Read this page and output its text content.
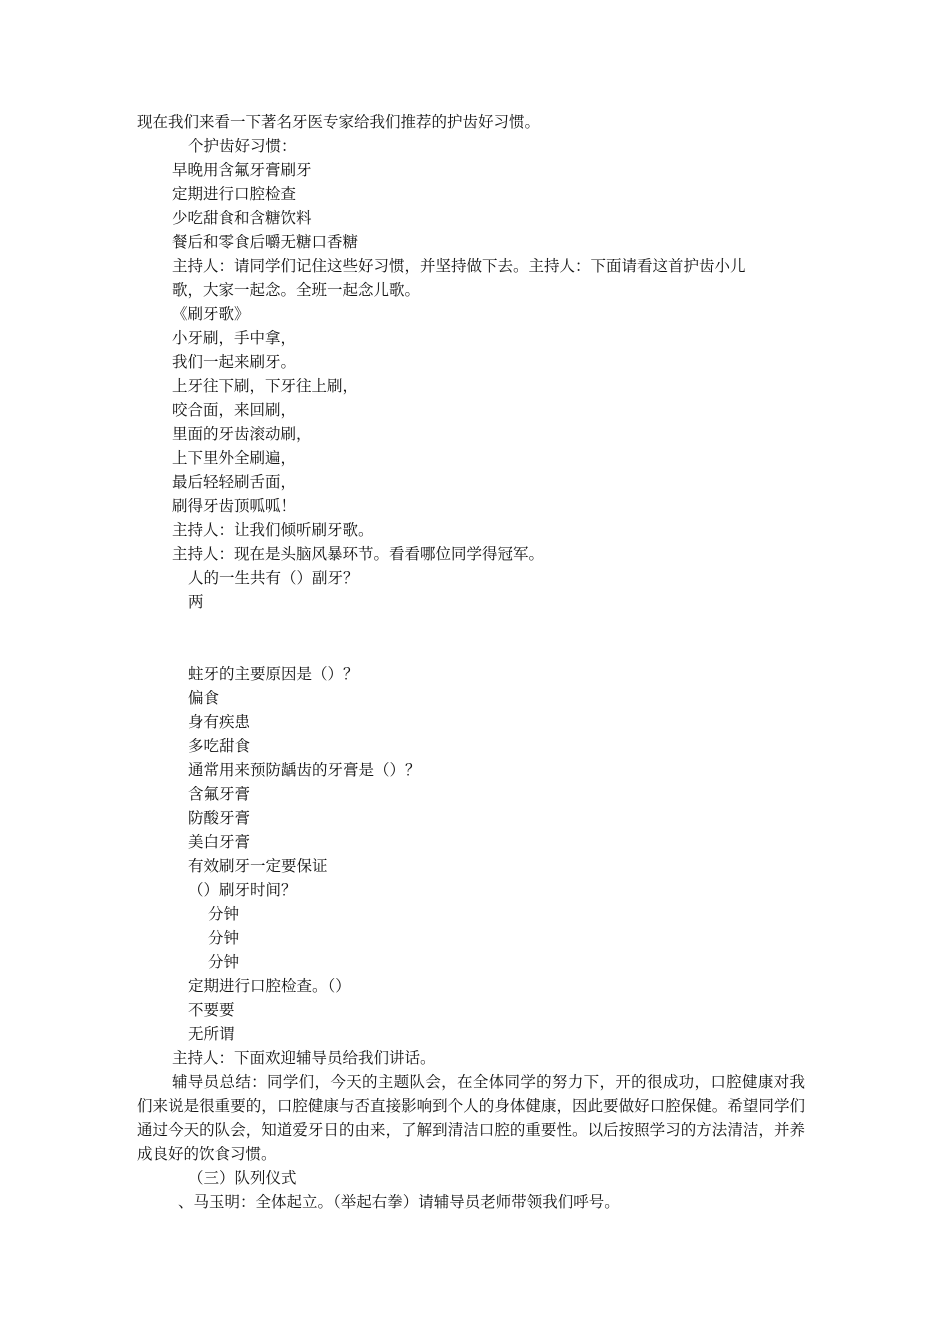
现在我们来看一下著名牙医专家给我们推荐的护齿好习惯。

个护齿好习惯：

早晚用含氟牙膏刷牙

定期进行口腔检查

少吃甜食和含糖饮料

餐后和零食后嚼无糖口香糖

主持人：请同学们记住这些好习惯，并坚持做下去。主持人：下面请看这首护齿小儿

歌，大家一起念。全班一起念儿歌。

《刷牙歌》

小牙刷，手中拿，

我们一起来刷牙。

上牙往下刷，下牙往上刷，

咬合面，来回刷，

里面的牙齿滚动刷，

上下里外全刷遍，

最后轻轻刷舌面，

刷得牙齿顶呱呱！

主持人：让我们倾听刷牙歌。

主持人：现在是头脑风暴环节。看看哪位同学得冠军。

人的一生共有（）副牙？

两

蛀牙的主要原因是（）？

偏食

身有疾患

多吃甜食

通常用来预防龋齿的牙膏是（）？

含氟牙膏

防酸牙膏

美白牙膏

有效刷牙一定要保证

（）刷牙时间？

分钟

分钟

分钟

定期进行口腔检查。（）

不要要

无所谓

主持人：下面欢迎辅导员给我们讲话。

辅导员总结：同学们，今天的主题队会，在全体同学的努力下，开的很成功，口腔健康对我们来说是很重要的，口腔健康与否直接影响到个人的身体健康，因此要做好口腔保健。希望同学们通过今天的队会，知道爱牙日的由来，了解到清洁口腔的重要性。以后按照学习的方法清洁，并养成良好的饮食习惯。

（三）队列仪式

、马玉明：全体起立。（举起右拳）请辅导员老师带领我们呼号。
